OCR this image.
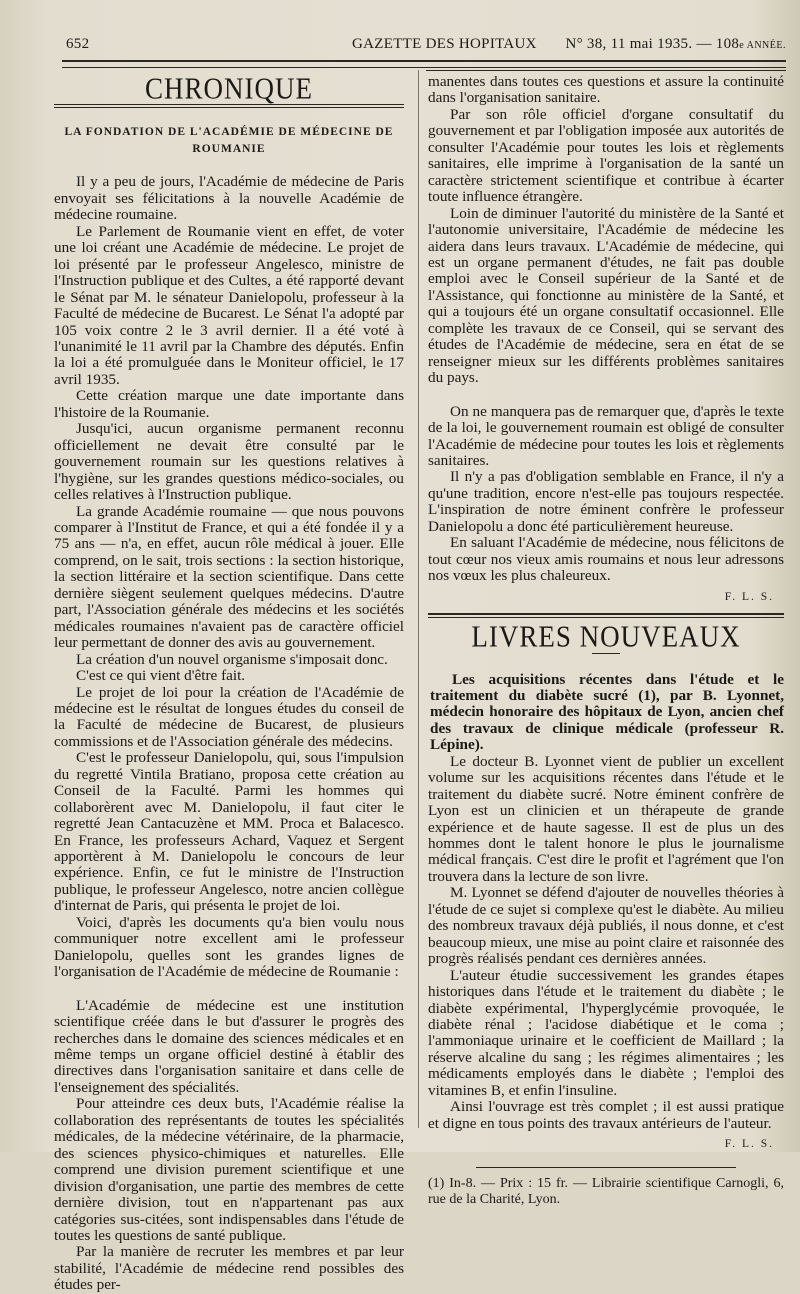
652	GAZETTE DES HOPITAUX N° 38, 11 mai 1935. — 108e ANNÉE.
CHRONIQUE
LA FONDATION DE L'ACADÉMIE DE MÉDECINE DE ROUMANIE

Il y a peu de jours, l'Académie de médecine de Paris envoyait ses félicitations à la nouvelle Académie de médecine roumaine.

Le Parlement de Roumanie vient en effet, de voter une loi créant une Académie de médecine. Le projet de loi présenté par le professeur Angelesco, ministre de l'Instruction publique et des Cultes, a été rapporté devant le Sénat par M. le sénateur Danielopolu, professeur à la Faculté de médecine de Bucarest. Le Sénat l'a adopté par 105 voix contre 2 le 3 avril dernier. Il a été voté à l'unanimité le 11 avril par la Chambre des députés. Enfin la loi a été promulguée dans le Moniteur officiel, le 17 avril 1935.

Cette création marque une date importante dans l'histoire de la Roumanie.

Jusqu'ici, aucun organisme permanent reconnu officiellement ne devait être consulté par le gouvernement roumain sur les questions relatives à l'hygiène, sur les grandes questions médico-sociales, ou celles relatives à l'Instruction publique.

La grande Académie roumaine — que nous pouvons comparer à l'Institut de France, et qui a été fondée il y a 75 ans — n'a, en effet, aucun rôle médical à jouer. Elle comprend, on le sait, trois sections : la section historique, la section littéraire et la section scientifique. Dans cette dernière siègent seulement quelques médecins. D'autre part, l'Association générale des médecins et les sociétés médicales roumaines n'avaient pas de caractère officiel leur permettant de donner des avis au gouvernement.

La création d'un nouvel organisme s'imposait donc.

C'est ce qui vient d'être fait.

Le projet de loi pour la création de l'Académie de médecine est le résultat de longues études du conseil de la Faculté de médecine de Bucarest, de plusieurs commissions et de l'Association générale des médecins.

C'est le professeur Danielopolu, qui, sous l'impulsion du regretté Vintila Bratiano, proposa cette création au Conseil de la Faculté. Parmi les hommes qui collaborèrent avec M. Danielopolu, il faut citer le regretté Jean Cantacuzène et MM. Proca et Balacesco. En France, les professeurs Achard, Vaquez et Sergent apportèrent à M. Danielopolu le concours de leur expérience. Enfin, ce fut le ministre de l'Instruction publique, le professeur Angelesco, notre ancien collègue d'internat de Paris, qui présenta le projet de loi.

Voici, d'après les documents qu'a bien voulu nous communiquer notre excellent ami le professeur Danielopolu, quelles sont les grandes lignes de l'organisation de l'Académie de médecine de Roumanie :

L'Académie de médecine est une institution scientifique créée dans le but d'assurer le progrès des recherches dans le domaine des sciences médicales et en même temps un organe officiel destiné à établir des directives dans l'organisation sanitaire et dans celle de l'enseignement des spécialités.

Pour atteindre ces deux buts, l'Académie réalise la collaboration des représentants de toutes les spécialités médicales, de la médecine vétérinaire, de la pharmacie, des sciences physico-chimiques et naturelles. Elle comprend une division purement scientifique et une division d'organisation, une partie des membres de cette dernière division, tout en n'appartenant pas aux catégories sus-citées, sont indispensables dans l'étude de toutes les questions de santé publique.

Par la manière de recruter les membres et par leur stabilité, l'Académie de médecine rend possibles des études per-

manentes dans toutes ces questions et assure la continuité dans l'organisation sanitaire.

Par son rôle officiel d'organe consultatif du gouvernement et par l'obligation imposée aux autorités de consulter l'Académie pour toutes les lois et règlements sanitaires, elle imprime à l'organisation de la santé un caractère strictement scientifique et contribue à écarter toute influence étrangère.

Loin de diminuer l'autorité du ministère de la Santé et l'autonomie universitaire, l'Académie de médecine les aidera dans leurs travaux. L'Académie de médecine, qui est un organe permanent d'études, ne fait pas double emploi avec le Conseil supérieur de la Santé et de l'Assistance, qui fonctionne au ministère de la Santé, et qui a toujours été un organe consultatif occasionnel. Elle complète les travaux de ce Conseil, qui se servant des études de l'Académie de médecine, sera en état de se renseigner mieux sur les différents problèmes sanitaires du pays.

On ne manquera pas de remarquer que, d'après le texte de la loi, le gouvernement roumain est obligé de consulter l'Académie de médecine pour toutes les lois et règlements sanitaires.

Il n'y a pas d'obligation semblable en France, il n'y a qu'une tradition, encore n'est-elle pas toujours respectée. L'inspiration de notre éminent confrère le professeur Danielopolu a donc été particulièrement heureuse.

En saluant l'Académie de médecine, nous félicitons de tout cœur nos vieux amis roumains et nous leur adressons nos vœux les plus chaleureux.

F. L. S.
LIVRES NOUVEAUX

Les acquisitions récentes dans l'étude et le traitement du diabète sucré (1), par B. Lyonnet, médecin honoraire des hôpitaux de Lyon, ancien chef des travaux de clinique médicale (professeur R. Lépine).

Le docteur B. Lyonnet vient de publier un excellent volume sur les acquisitions récentes dans l'étude et le traitement du diabète sucré. Notre éminent confrère de Lyon est un clinicien et un thérapeute de grande expérience et de haute sagesse. Il est de plus un des hommes dont le talent honore le plus le journalisme médical français. C'est dire le profit et l'agrément que l'on trouvera dans la lecture de son livre.

M. Lyonnet se défend d'ajouter de nouvelles théories à l'étude de ce sujet si complexe qu'est le diabète. Au milieu des nombreux travaux déjà publiés, il nous donne, et c'est beaucoup mieux, une mise au point claire et raisonnée des progrès réalisés pendant ces dernières années.

L'auteur étudie successivement les grandes étapes historiques dans l'étude et le traitement du diabète ; le diabète expérimental, l'hyperglycémie provoquée, le diabète rénal ; l'acidose diabétique et le coma ; l'ammoniaque urinaire et le coefficient de Maillard ; la réserve alcaline du sang ; les régimes alimentaires ; les médicaments employés dans le diabète ; l'emploi des vitamines B, et enfin l'insuline.

Ainsi l'ouvrage est très complet ; il est aussi pratique et digne en tous points des travaux antérieurs de l'auteur.

F. L. S.

(1) In-8. — Prix : 15 fr. — Librairie scientifique Carnogli, 6, rue de la Charité, Lyon.
